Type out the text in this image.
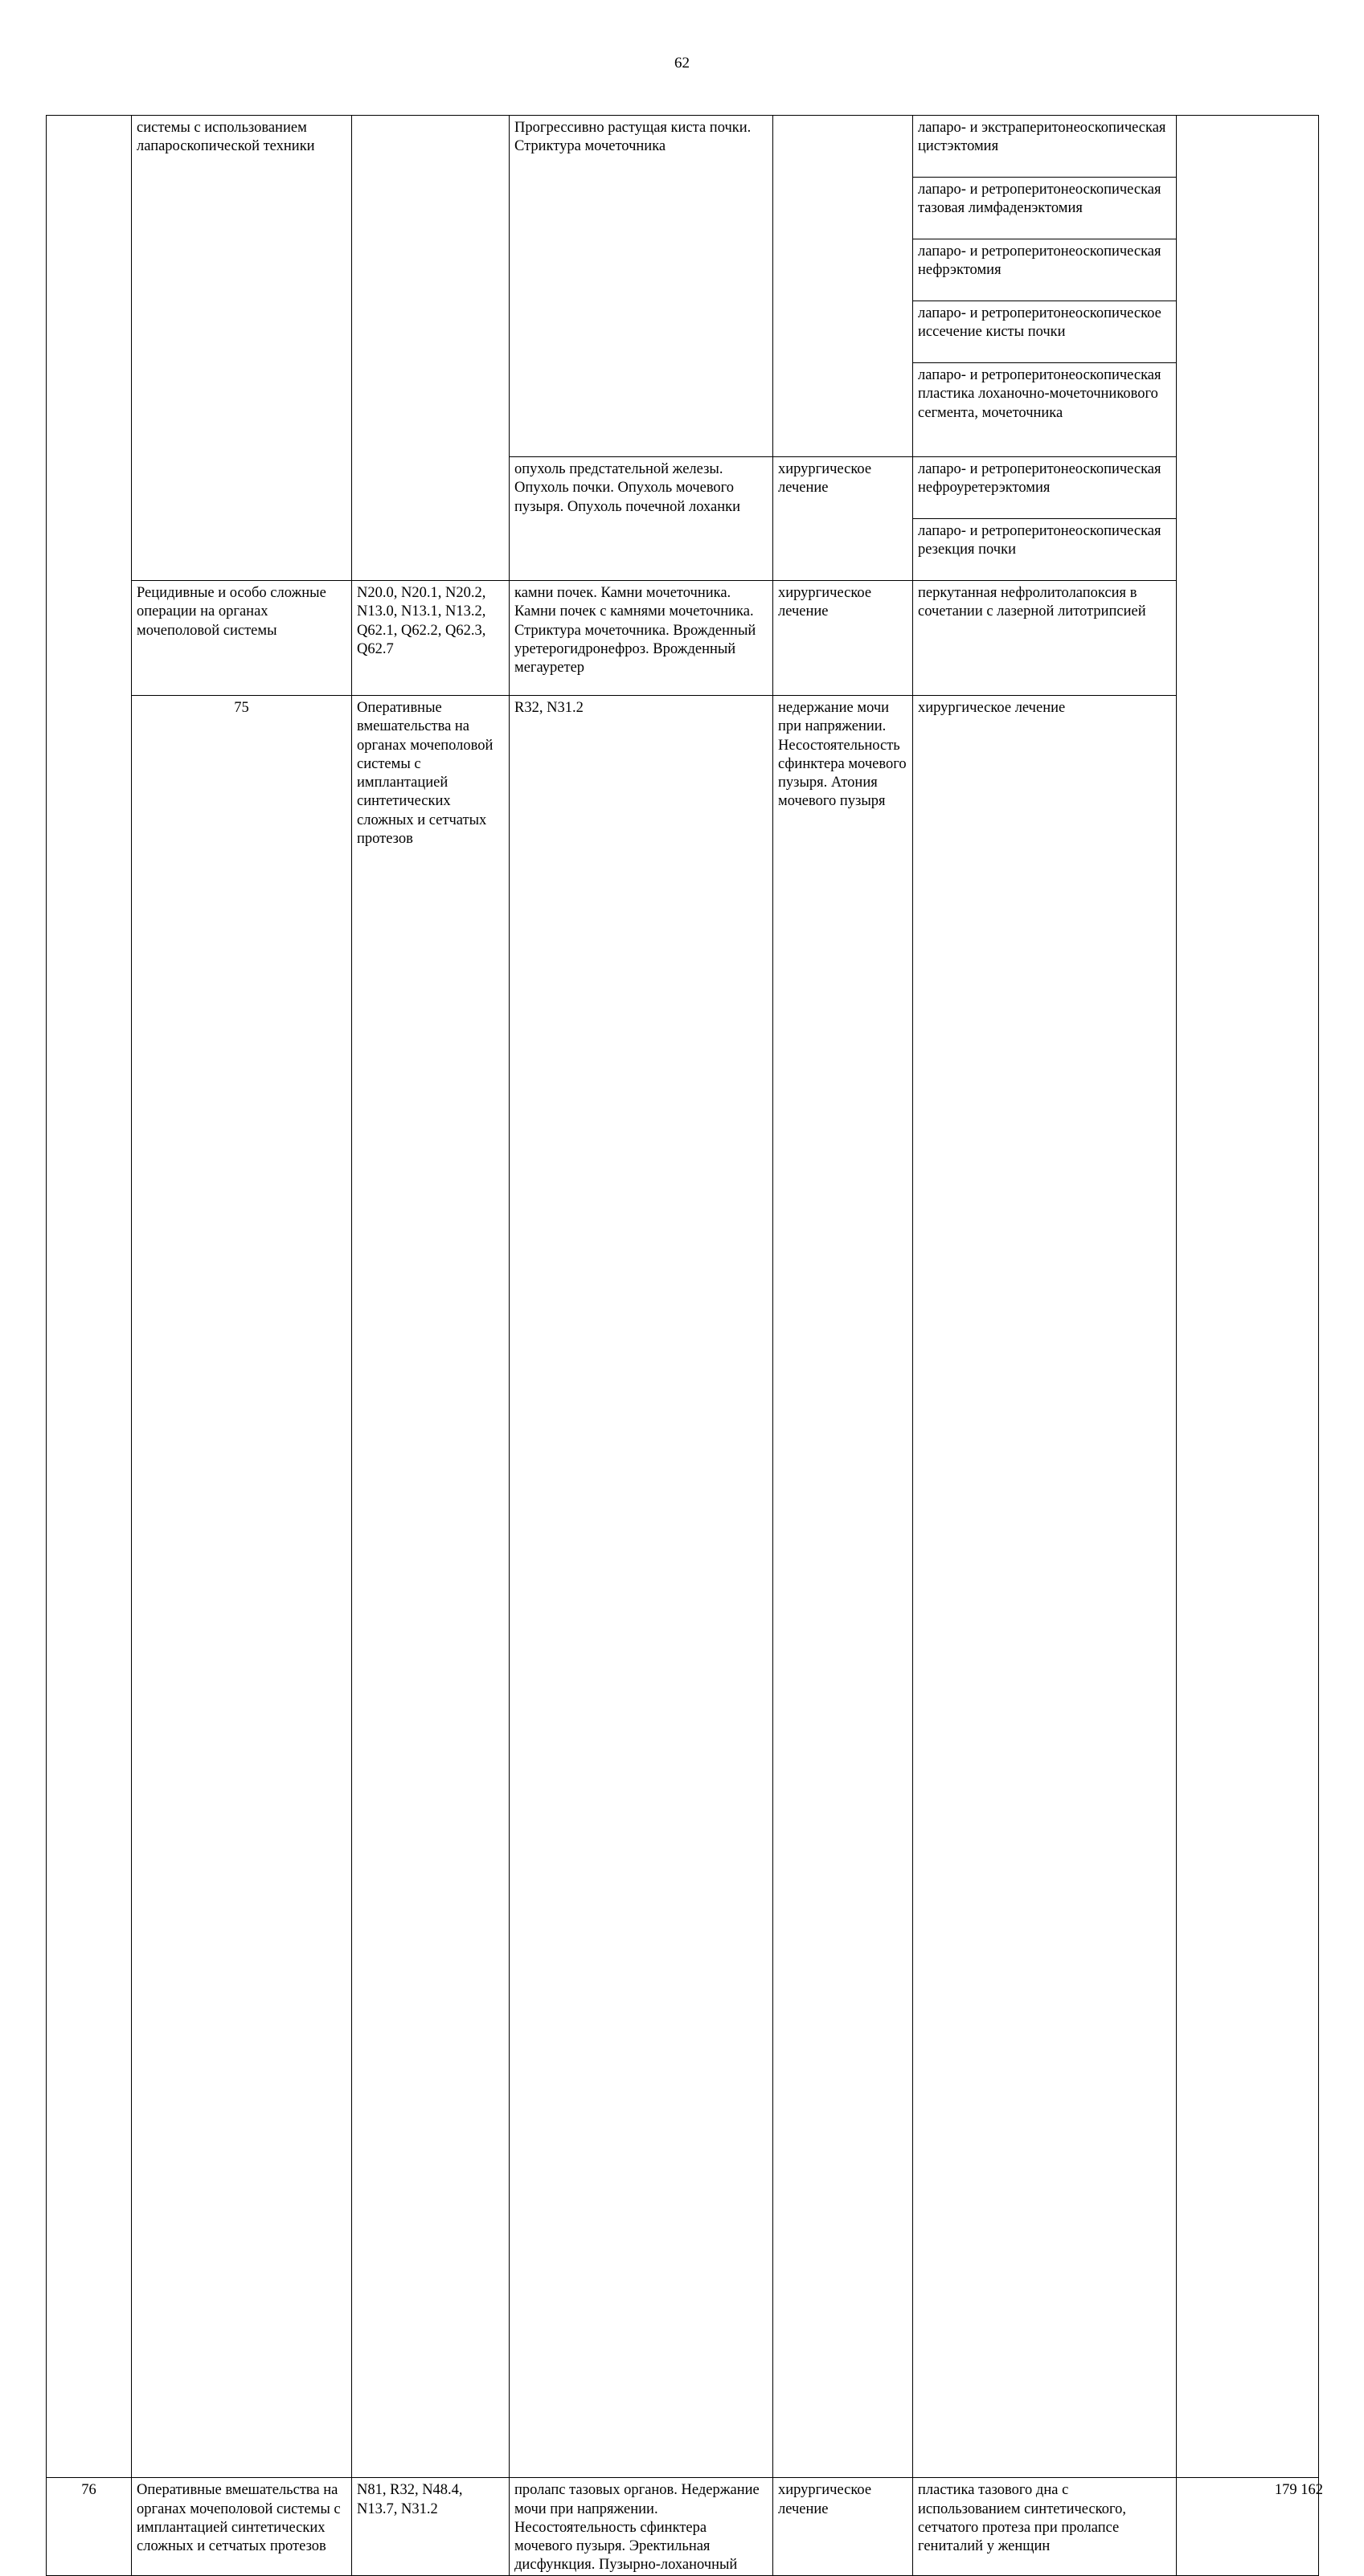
62
	системы с использованием лапароскопической техники		Прогрессивно растущая киста почки. Стриктура мочеточника		лапаро- и экстраперитонеоскопическая цистэктомия		
					лапаро- и ретроперитонеоскопическая тазовая лимфаденэктомия		
					лапаро- и ретроперитонеоскопическая нефрэктомия		
					лапаро- и ретроперитонеоскопическое иссечение кисты почки		
					лапаро- и ретроперитонеоскопическая пластика лоханочно-мочеточникового сегмента, мочеточника		
			опухоль предстательной железы. Опухоль почки. Опухоль мочевого пузыря. Опухоль почечной лоханки	хирургическое лечение	лапаро- и ретроперитонеоскопическая нефроуретерэктомия		
					лапаро- и ретроперитонеоскопическая резекция почки		
	Рецидивные и особо сложные операции на органах мочеполовой системы	N20.0, N20.1, N20.2, N13.0, N13.1, N13.2, Q62.1, Q62.2, Q62.3, Q62.7	камни почек. Камни мочеточника. Камни почек с камнями мочеточника. Стриктура мочеточника. Врожденный уретерогидронефроз. Врожденный мегауретер	хирургическое лечение	перкутанная нефролитолапоксия в сочетании с лазерной литотрипсией		
	75	Оперативные вмешательства на органах мочеполовой системы с имплантацией синтетических сложных и сетчатых протезов	R32, N31.2	недержание мочи при напряжении. Несостоятельность сфинктера мочевого пузыря. Атония мочевого пузыря	хирургическое лечение		
76	Оперативные вмешательства на органах мочеполовой системы с имплантацией синтетических сложных и сетчатых протезов	N81, R32, N48.4, N13.7, N31.2	пролапс тазовых органов. Недержание мочи при напряжении. Несостоятельность сфинктера мочевого пузыря. Эректильная дисфункция. Пузырно-лоханочный	хирургическое лечение	пластика тазового дна с использованием синтетического, сетчатого протеза при пролапсе гениталий у женщин	179 162	
